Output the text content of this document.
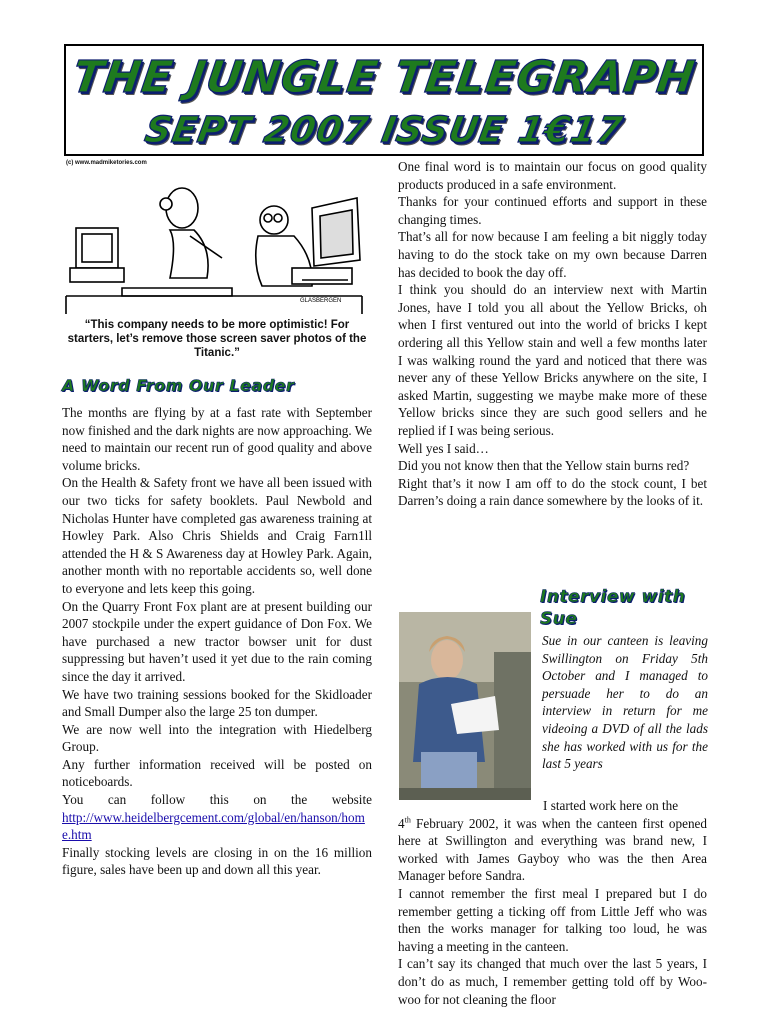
THE JUNGLE TELEGRAPH
SEPT 2007 ISSUE 1€17
(c) www.madmiketories.com
GLASBERGEN
“This company needs to be more optimistic! For starters, let’s remove those screen saver photos of the Titanic.”
A Word From Our Leader

The months are flying by at a fast rate with September now finished and the dark nights are now approaching. We need to maintain our recent run of good quality and above volume bricks.

On the Health & Safety front we have all been issued with our two ticks for safety booklets. Paul Newbold and Nicholas Hunter have completed gas awareness training at Howley Park. Also Chris Shields and Craig Farn1ll attended the H & S Awareness day at Howley Park. Again, another month with no reportable accidents so, well done to everyone and lets keep this going.

On the Quarry Front Fox plant are at present building our 2007 stockpile under the expert guidance of Don Fox. We have purchased a new tractor bowser unit for dust suppressing but haven’t used it yet due to the rain coming since the day it arrived.

We have two training sessions booked for the Skidloader and Small Dumper also the large 25 ton dumper.

We are now well into the integration with Hiedelberg Group.

Any further information received will be posted on noticeboards.

You can follow this on the website

http://www.heidelbergcement.com/global/en/hanson/home.htm

Finally stocking levels are closing in on the 16 million figure, sales have been up and down all this year.

One final word is to maintain our focus on good quality products produced in a safe environment.

Thanks for your continued efforts and support in these changing times.

That’s all for now because I am feeling a bit niggly today having to do the stock take on my own because Darren has decided to book the day off.

I think you should do an interview next with Martin Jones, have I told you all about the Yellow Bricks, oh when I first ventured out into the world of bricks I kept ordering all this Yellow stain and well a few months later I was walking round the yard and noticed that there was never any of these Yellow Bricks anywhere on the site, I asked Martin, suggesting we maybe make more of these Yellow bricks since they are such good sellers and he replied if I was being serious.

Well yes I said…

Did you not know then that the Yellow stain burns red?

Right that’s it now I am off to do the stock count, I bet Darren’s doing a rain dance somewhere by the looks of it.

Interview with Sue
Sue in our canteen is leaving Swillington on Friday 5th October and I managed to persuade her to do an interview in return for me videoing a DVD of all the lads she has worked with us for the last 5 years

I started work here on the
4th February 2002, it was when the canteen first opened here at Swillington and everything was brand new, I worked with James Gayboy who was the then Area Manager before Sandra.

I cannot remember the first meal I prepared but I do remember getting a ticking off from Little Jeff who was then the works manager for talking too loud, he was having a meeting in the canteen.

I can’t say its changed that much over the last 5 years, I don’t do as much, I remember getting told off by Woo-woo for not cleaning the floor
